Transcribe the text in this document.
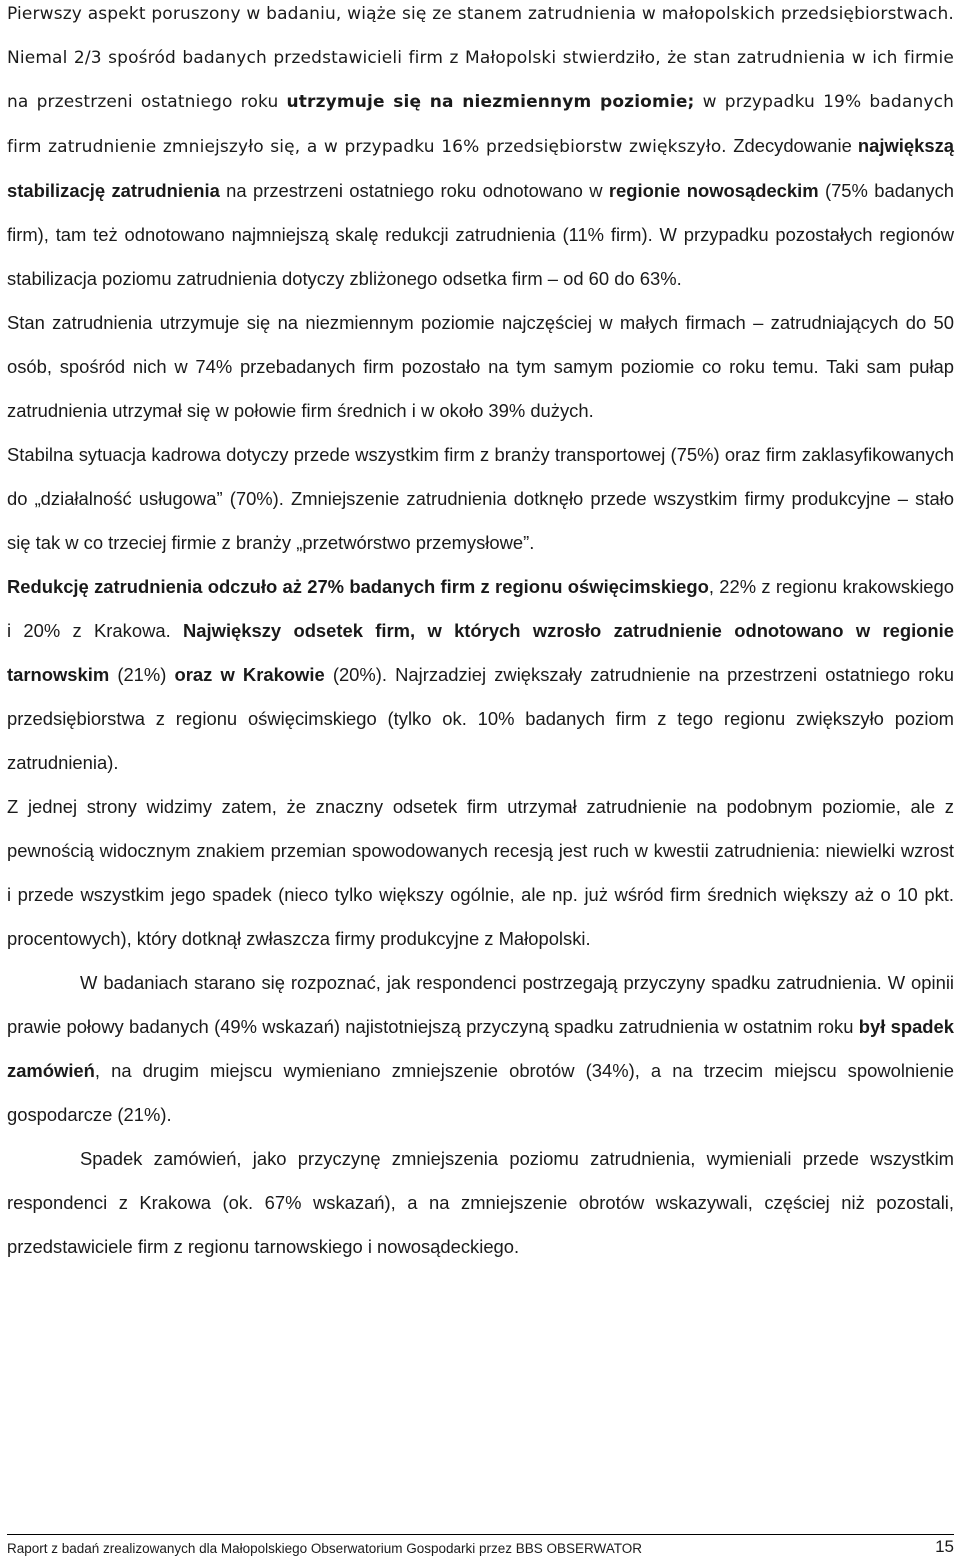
Pierwszy aspekt poruszony w badaniu, wiąże się ze stanem zatrudnienia w małopolskich przedsiębiorstwach. Niemal 2/3 spośród badanych przedstawicieli firm z Małopolski stwierdziło, że stan zatrudnienia w ich firmie na przestrzeni ostatniego roku utrzymuje się na niezmiennym poziomie; w przypadku 19% badanych firm zatrudnienie zmniejszyło się, a w przypadku 16% przedsiębiorstw zwiększyło. Zdecydowanie największą stabilizację zatrudnienia na przestrzeni ostatniego roku odnotowano w regionie nowosądeckim (75% badanych firm), tam też odnotowano najmniejszą skalę redukcji zatrudnienia (11% firm). W przypadku pozostałych regionów stabilizacja poziomu zatrudnienia dotyczy zbliżonego odsetka firm – od 60 do 63%.

Stan zatrudnienia utrzymuje się na niezmiennym poziomie najczęściej w małych firmach – zatrudniających do 50 osób, spośród nich w 74% przebadanych firm pozostało na tym samym poziomie co roku temu. Taki sam pułap zatrudnienia utrzymał się w połowie firm średnich i w około 39% dużych.

Stabilna sytuacja kadrowa dotyczy przede wszystkim firm z branży transportowej (75%) oraz firm zaklasyfikowanych do „działalność usługowa” (70%). Zmniejszenie zatrudnienia dotknęło przede wszystkim firmy produkcyjne – stało się tak w co trzeciej firmie z branży „przetwórstwo przemysłowe”.

Redukcję zatrudnienia odczuło aż 27% badanych firm z regionu oświęcimskiego, 22% z regionu krakowskiego i 20% z Krakowa. Największy odsetek firm, w których wzrosło zatrudnienie odnotowano w regionie tarnowskim (21%) oraz w Krakowie (20%). Najrzadziej zwiększały zatrudnienie na przestrzeni ostatniego roku przedsiębiorstwa z regionu oświęcimskiego (tylko ok. 10% badanych firm z tego regionu zwiększyło poziom zatrudnienia).

Z jednej strony widzimy zatem, że znaczny odsetek firm utrzymał zatrudnienie na podobnym poziomie, ale z pewnością widocznym znakiem przemian spowodowanych recesją jest ruch w kwestii zatrudnienia: niewielki wzrost i przede wszystkim jego spadek (nieco tylko większy ogólnie, ale np. już wśród firm średnich większy aż o 10 pkt. procentowych), który dotknął zwłaszcza firmy produkcyjne z Małopolski.

W badaniach starano się rozpoznać, jak respondenci postrzegają przyczyny spadku zatrudnienia. W opinii prawie połowy badanych (49% wskazań) najistotniejszą przyczyną spadku zatrudnienia w ostatnim roku był spadek zamówień, na drugim miejscu wymieniano zmniejszenie obrotów (34%), a na trzecim miejscu spowolnienie gospodarcze (21%).

Spadek zamówień, jako przyczynę zmniejszenia poziomu zatrudnienia, wymieniali przede wszystkim respondenci z Krakowa (ok. 67% wskazań), a na zmniejszenie obrotów wskazywali, częściej niż pozostali, przedstawiciele firm z regionu tarnowskiego i nowosądeckiego.

Raport z badań zrealizowanych dla Małopolskiego Obserwatorium Gospodarki przez BBS OBSERWATOR	15
